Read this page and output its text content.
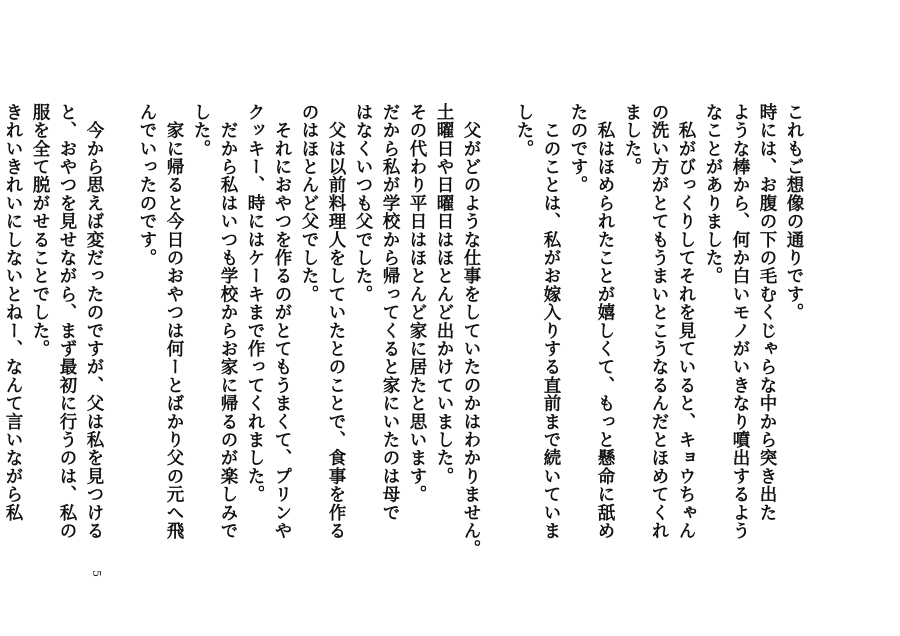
これもご想像の通りです。
時には、お腹の下の毛むくじゃらな中から突き出た
ような棒から、何か白いモノがいきなり噴出するよう
なことがありました。

　私がびっくりしてそれを見ていると、キョウちゃん
の洗い方がとてもうまいとこうなるんだとほめてくれ
ました。

　私はほめられたことが嬉しくて、もっと懸命に舐め
たのです。

　このことは、私がお嫁入りする直前まで続いていま
した。

　父がどのような仕事をしていたのかはわかりません。
土曜日や日曜日はほとんど出かけていました。
その代わり平日はほとんど家に居たと思います。
だから私が学校から帰ってくると家にいたのは母で
はなくいつも父でした。

　父は以前料理人をしていたとのことで、食事を作る
のはほとんど父でした。

　それにおやつを作るのがとてもうまくて、プリンや
クッキー、時にはケーキまで作ってくれました。

　だから私はいつも学校からお家に帰るのが楽しみで
した。

　家に帰ると今日のおやつは何ーとばかり父の元へ飛
んでいったのです。

　今から思えば変だったのですが、父は私を見つける
と、おやつを見せながら、まず最初に行うのは、私の
服を全て脱がせることでした。
きれいきれいにしないとねー、なんて言いながら私

5
